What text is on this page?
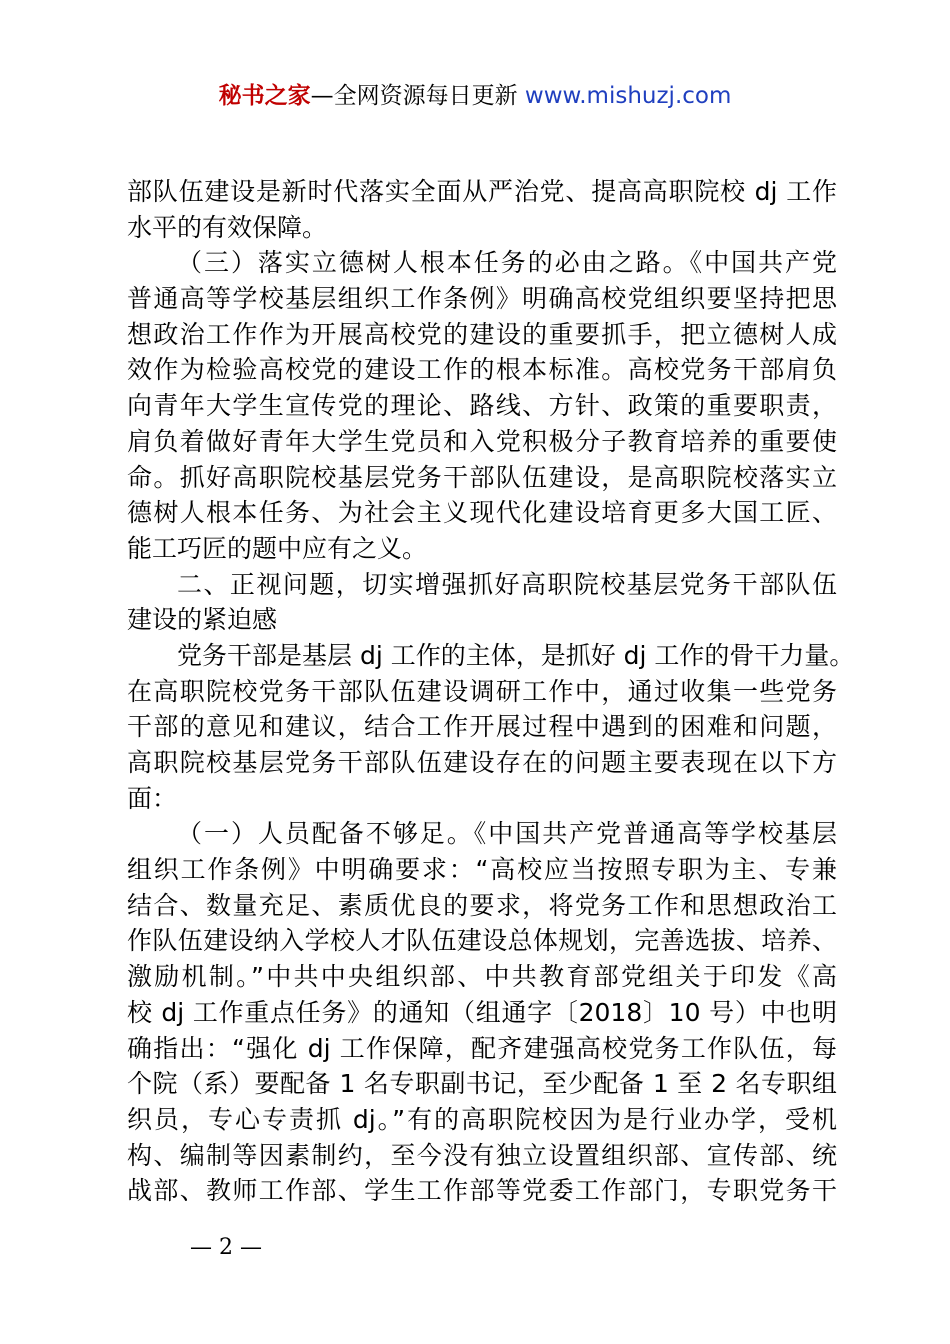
秘书之家—全网资源每日更新 www.mishuzj.com
部队伍建设是新时代落实全面从严治党、提高高职院校 dj 工作
水平的有效保障。
（三）落实立德树人根本任务的必由之路。《中国共产党
普通高等学校基层组织工作条例》明确高校党组织要坚持把思
想政治工作作为开展高校党的建设的重要抓手，把立德树人成
效作为检验高校党的建设工作的根本标准。高校党务干部肩负
向青年大学生宣传党的理论、路线、方针、政策的重要职责，
肩负着做好青年大学生党员和入党积极分子教育培养的重要使
命。抓好高职院校基层党务干部队伍建设，是高职院校落实立
德树人根本任务、为社会主义现代化建设培育更多大国工匠、
能工巧匠的题中应有之义。
二、正视问题，切实增强抓好高职院校基层党务干部队伍
建设的紧迫感
党务干部是基层 dj 工作的主体，是抓好 dj 工作的骨干力量。
在高职院校党务干部队伍建设调研工作中，通过收集一些党务
干部的意见和建议，结合工作开展过程中遇到的困难和问题，
高职院校基层党务干部队伍建设存在的问题主要表现在以下方
面：
（一）人员配备不够足。《中国共产党普通高等学校基层
组织工作条例》中明确要求：“高校应当按照专职为主、专兼
结合、数量充足、素质优良的要求，将党务工作和思想政治工
作队伍建设纳入学校人才队伍建设总体规划，完善选拔、培养、
激励机制。”中共中央组织部、中共教育部党组关于印发《高
校 dj 工作重点任务》的通知（组通字〔2018〕10 号）中也明
确指出：“强化 dj 工作保障，配齐建强高校党务工作队伍，每
个院（系）要配备 1 名专职副书记，至少配备 1 至 2 名专职组
织员，专心专责抓 dj。”有的高职院校因为是行业办学，受机
构、编制等因素制约，至今没有独立设置组织部、宣传部、统
战部、教师工作部、学生工作部等党委工作部门，专职党务干
— 2 —
